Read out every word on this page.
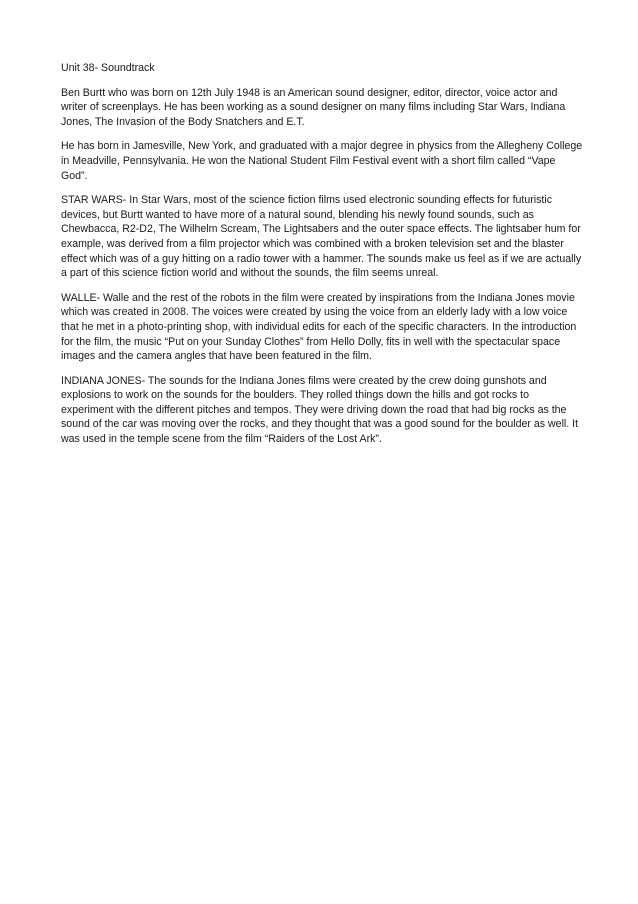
Unit 38- Soundtrack

Ben Burtt who was born on 12th July 1948 is an American sound designer, editor, director, voice actor and writer of screenplays. He has been working as a sound designer on many films including Star Wars, Indiana Jones, The Invasion of the Body Snatchers and E.T.

He has born in Jamesville, New York, and graduated with a major degree in physics from the Allegheny College in Meadville, Pennsylvania. He won the National Student Film Festival event with a short film called “Vape God”.

STAR WARS- In Star Wars, most of the science fiction films used electronic sounding effects for futuristic devices, but Burtt wanted to have more of a natural sound, blending his newly found sounds, such as Chewbacca, R2-D2, The Wilhelm Scream, The Lightsabers and the outer space effects. The lightsaber hum for example, was derived from a film projector which was combined with a broken television set and the blaster effect which was of a guy hitting on a radio tower with a hammer. The sounds make us feel as if we are actually a part of this science fiction world and without the sounds, the film seems unreal.

WALLE- Walle and the rest of the robots in the film were created by inspirations from the Indiana Jones movie which was created in 2008. The voices were created by using the voice from an elderly lady with a low voice that he met in a photo-printing shop, with individual edits for each of the specific characters. In the introduction for the film, the music “Put on your Sunday Clothes” from Hello Dolly, fits in well with the spectacular space images and the camera angles that have been featured in the film.

INDIANA JONES- The sounds for the Indiana Jones films were created by the crew doing gunshots and explosions to work on the sounds for the boulders. They rolled things down the hills and got rocks to experiment with the different pitches and tempos. They were driving down the road that had big rocks as the sound of the car was moving over the rocks, and they thought that was a good sound for the boulder as well. It was used in the temple scene from the film “Raiders of the Lost Ark”.
